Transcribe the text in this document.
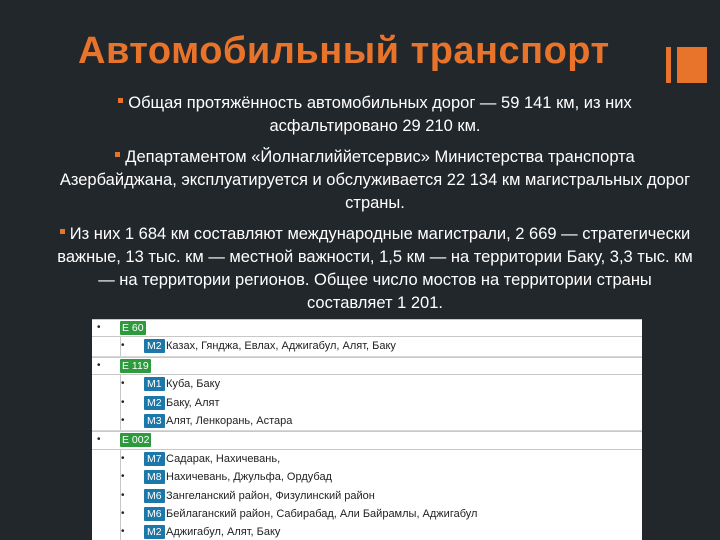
Автомобильный транспорт
Общая протяжённость автомобильных дорог — 59 141 км, из них асфальтировано 29 210 км.
Департаментом «Йолнаглиййетсервис» Министерства транспорта Азербайджана, эксплуатируется и обслуживается 22 134 км магистральных дорог страны.
Из них 1 684 км составляют международные магистрали, 2 669 — стратегически важные, 13 тыс. км — местной важности, 1,5 км — на территории Баку, 3,3 тыс. км — на территории регионов. Общее число мостов на территории страны составляет 1 201.
• E 60
• M2 Казах, Гянджа, Евлах, Аджигабул, Алят, Баку
• E 119
• M1 Куба, Баку
• M2 Баку, Алят
• M3 Алят, Ленкорань, Астара
• E 002
• M7 Садарак, Нахичевань,
• M8 Нахичевань, Джульфа, Ордубад
• M6 Зангеланский район, Физулинский район
• M6 Бейлаганский район, Сабирабад, Али Байрамлы, Аджигабул
• M2 Аджигабул, Алят, Баку
